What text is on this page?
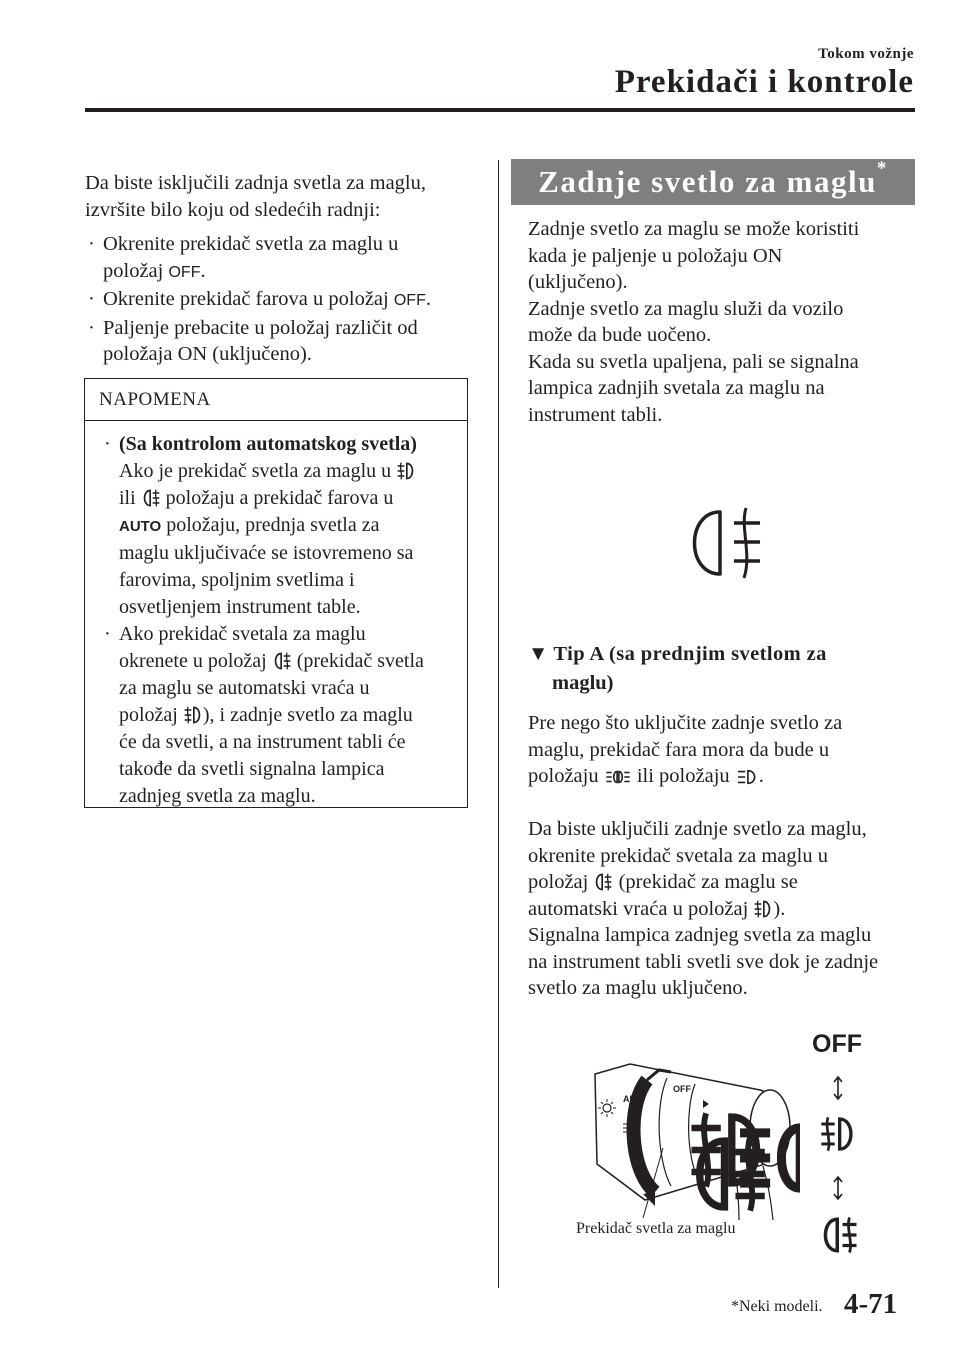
Tokom vožnje
Prekidači i kontrole

Da biste isključili zadnja svetla za maglu,

izvršite bilo koju od sledećih radnji:

· Okrenite prekidač svetla za maglu u
položaj OFF.
· Okrenite prekidač farova u položaj OFF.
· Paljenje prebacite u položaj različit od
položaja ON (uključeno).
NAPOMENA
· (Sa kontrolom automatskog svetla)
Ako je prekidač svetla za maglu u
ili položaju a prekidač farova u
AUTO položaju, prednja svetla za
maglu uključivaće se istovremeno sa
farovima, spoljnim svetlima i
osvetljenjem instrument table.
· Ako prekidač svetala za maglu
okrenete u položaj (prekidač svetla
za maglu se automatski vraća u
položaj ), i zadnje svetlo za maglu
će da svetli, a na instrument tabli će
takođe da svetli signalna lampica
zadnjeg svetla za maglu.
Zadnje svetlo za maglu*

Zadnje svetlo za maglu se može koristiti

kada je paljenje u položaju ON

(uključeno).

Zadnje svetlo za maglu služi da vozilo

može da bude uočeno.

Kada su svetla upaljena, pali se signalna

lampica zadnjih svetala za maglu na

instrument tabli.

▼ Tip A (sa prednjim svetlom za
maglu)

Pre nego što uključite zadnje svetlo za

maglu, prekidač fara mora da bude u

položaju ili položaju .

Da biste uključili zadnje svetlo za maglu,

okrenite prekidač svetala za maglu u

položaj (prekidač za maglu se

automatski vraća u položaj ).

Signalna lampica zadnjeg svetla za maglu

na instrument tabli svetli sve dok je zadnje

svetlo za maglu uključeno.

AU
OFF
Prekidač svetla za maglu
OFF
*Neki modeli. 4-71
